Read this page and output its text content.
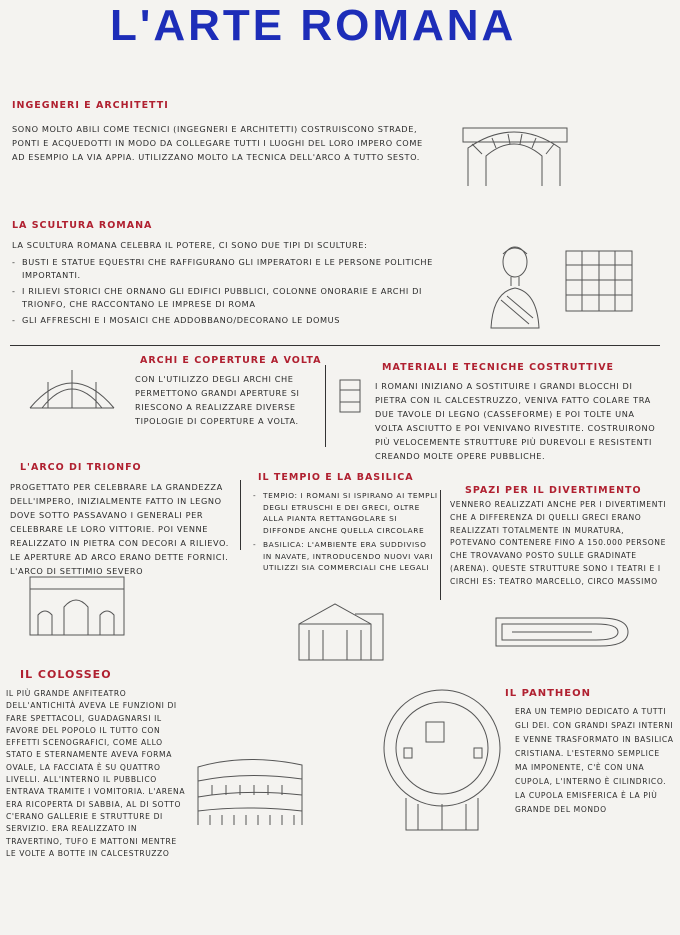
L'ARTE ROMANA
INGEGNERI E ARCHITETTI
SONO MOLTO ABILI COME TECNICI (INGEGNERI E ARCHITETTI) COSTRUISCONO STRADE, PONTI E ACQUEDOTTI IN MODO DA COLLEGARE TUTTI I LUOGHI DEL LORO IMPERO COME AD ESEMPIO LA VIA APPIA. UTILIZZANO MOLTO LA TECNICA DELL'ARCO A TUTTO SESTO.
LA SCULTURA ROMANA
LA SCULTURA ROMANA CELEBRA IL POTERE, CI SONO DUE TIPI DI SCULTURE:
- BUSTI E STATUE EQUESTRI CHE RAFFIGURANO GLI IMPERATORI E LE PERSONE POLITICHE IMPORTANTI.
- I RILIEVI STORICI CHE ORNANO GLI EDIFICI PUBBLICI, COLONNE ONORARIE E ARCHI DI TRIONFO, CHE RACCONTANO LE IMPRESE DI ROMA
- GLI AFFRESCHI E I MOSAICI CHE ADDOBBANO/DECORANO LE DOMUS
ARCHI E COPERTURE A VOLTA
CON L'UTILIZZO DEGLI ARCHI CHE PERMETTONO GRANDI APERTURE SI RIESCONO A REALIZZARE DIVERSE TIPOLOGIE DI COPERTURE A VOLTA.
MATERIALI E TECNICHE COSTRUTTIVE
I ROMANI INIZIANO A SOSTITUIRE I GRANDI BLOCCHI DI PIETRA CON IL CALCESTRUZZO, VENIVA FATTO COLARE TRA DUE TAVOLE DI LEGNO (CASSEFORME) E POI TOLTE UNA VOLTA ASCIUTTO E POI VENIVANO RIVESTITE. COSTRUIRONO PIÙ VELOCEMENTE STRUTTURE PIÙ DUREVOLI E RESISTENTI CREANDO MOLTE OPERE PUBBLICHE.
L'ARCO DI TRIONFO
PROGETTATO PER CELEBRARE LA GRANDEZZA DELL'IMPERO, INIZIALMENTE FATTO IN LEGNO DOVE SOTTO PASSAVANO I GENERALI PER CELEBRARE LE LORO VITTORIE. POI VENNE REALIZZATO IN PIETRA CON DECORI A RILIEVO. LE APERTURE AD ARCO ERANO DETTE FORNICI. L'ARCO DI SETTIMIO SEVERO
IL TEMPIO E LA BASILICA
- TEMPIO: I ROMANI SI ISPIRANO AI TEMPLI DEGLI ETRUSCHI E DEI GRECI, OLTRE ALLA PIANTA RETTANGOLARE SI DIFFONDE ANCHE QUELLA CIRCOLARE
- BASILICA: L'AMBIENTE ERA SUDDIVISO IN NAVATE, INTRODUCENDO NUOVI VARI UTILIZZI SIA COMMERCIALI CHE LEGALI
SPAZI PER IL DIVERTIMENTO
VENNERO REALIZZATI ANCHE PER I DIVERTIMENTI CHE A DIFFERENZA DI QUELLI GRECI ERANO REALIZZATI TOTALMENTE IN MURATURA, POTEVANO CONTENERE FINO A 150.000 PERSONE CHE TROVAVANO POSTO SULLE GRADINATE (ARENA). QUESTE STRUTTURE SONO I TEATRI E I CIRCHI ES: TEATRO MARCELLO, CIRCO MASSIMO
IL COLOSSEO
IL PIÙ GRANDE ANFITEATRO DELL'ANTICHITÀ AVEVA LE FUNZIONI DI FARE SPETTACOLI, GUADAGNARSI IL FAVORE DEL POPOLO IL TUTTO CON EFFETTI SCENOGRAFICI, COME ALLO STATO E STERNAMENTE AVEVA FORMA OVALE, LA FACCIATA È SU QUATTRO LIVELLI. ALL'INTERNO IL PUBBLICO ENTRAVA TRAMITE I VOMITORIA. L'ARENA ERA RICOPERTA DI SABBIA, AL DI SOTTO C'ERANO GALLERIE E STRUTTURE DI SERVIZIO. ERA REALIZZATO IN TRAVERTINO, TUFO E MATTONI MENTRE LE VOLTE A BOTTE IN CALCESTRUZZO
IL PANTHEON
ERA UN TEMPIO DEDICATO A TUTTI GLI DEI. CON GRANDI SPAZI INTERNI E VENNE TRASFORMATO IN BASILICA CRISTIANA. L'ESTERNO SEMPLICE MA IMPONENTE, C'È CON UNA CUPOLA, L'INTERNO È CILINDRICO. LA CUPOLA EMISFERICA È LA PIÙ GRANDE DEL MONDO
